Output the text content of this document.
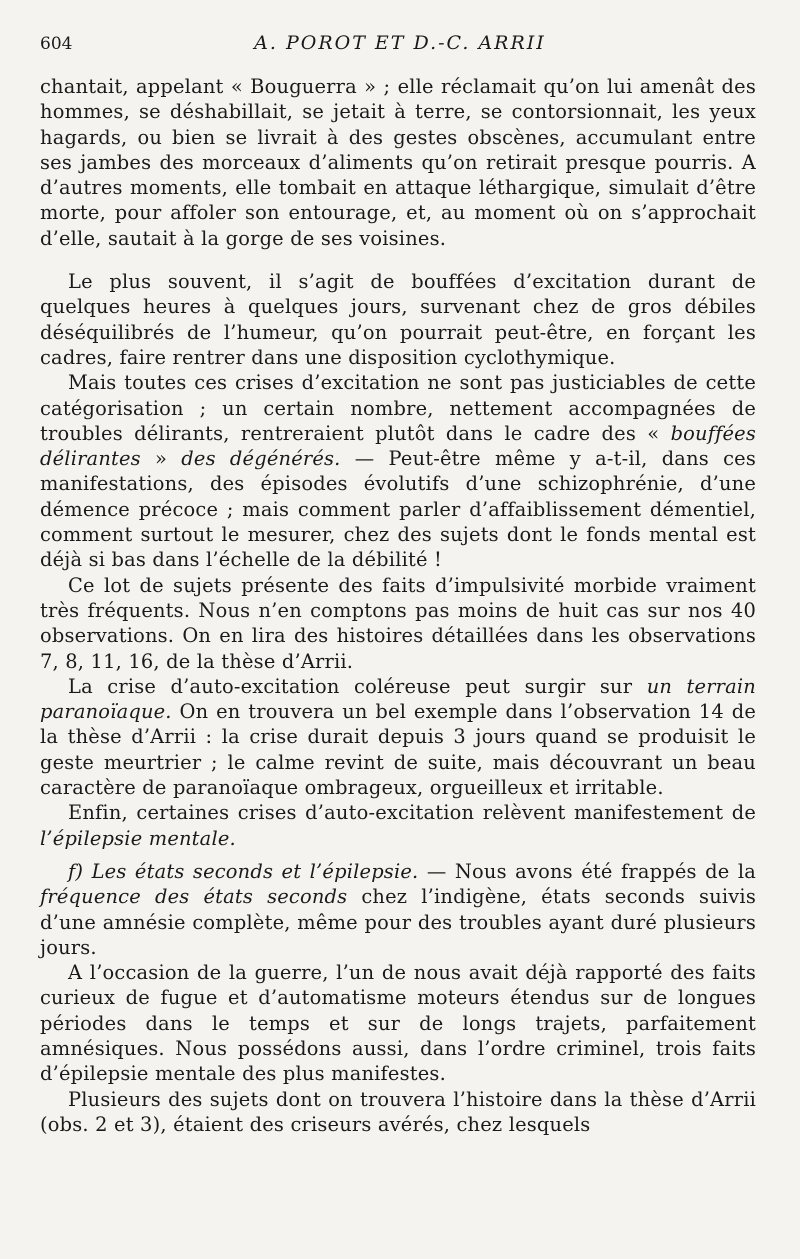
604	A. POROT ET D.-C. ARRII

chantait, appelant « Bouguerra » ; elle réclamait qu’on lui amenât des hommes, se déshabillait, se jetait à terre, se contorsionnait, les yeux hagards, ou bien se livrait à des gestes obscènes, accumulant entre ses jambes des morceaux d’aliments qu’on retirait presque pourris. A d’autres moments, elle tombait en attaque léthargique, simulait d’être morte, pour affoler son entourage, et, au moment où on s’approchait d’elle, sautait à la gorge de ses voisines.

Le plus souvent, il s’agit de bouffées d’excitation durant de quelques heures à quelques jours, survenant chez de gros débiles déséquilibrés de l’humeur, qu’on pourrait peut-être, en forçant les cadres, faire rentrer dans une disposition cyclothymique.

Mais toutes ces crises d’excitation ne sont pas justiciables de cette catégorisation ; un certain nombre, nettement accompagnées de troubles délirants, rentreraient plutôt dans le cadre des « bouffées délirantes » des dégénérés. — Peut-être même y a-t-il, dans ces manifestations, des épisodes évolutifs d’une schizophrénie, d’une démence précoce ; mais comment parler d’affaiblissement démentiel, comment surtout le mesurer, chez des sujets dont le fonds mental est déjà si bas dans l’échelle de la débilité !

Ce lot de sujets présente des faits d’impulsivité morbide vraiment très fréquents. Nous n’en comptons pas moins de huit cas sur nos 40 observations. On en lira des histoires détaillées dans les observations 7, 8, 11, 16, de la thèse d’Arrii.

La crise d’auto-excitation coléreuse peut surgir sur un terrain paranoïaque. On en trouvera un bel exemple dans l’observation 14 de la thèse d’Arrii : la crise durait depuis 3 jours quand se produisit le geste meurtrier ; le calme revint de suite, mais découvrant un beau caractère de paranoïaque ombrageux, orgueilleux et irritable.

Enfin, certaines crises d’auto-excitation relèvent manifestement de l’épilepsie mentale.

f) Les états seconds et l’épilepsie. — Nous avons été frappés de la fréquence des états seconds chez l’indigène, états seconds suivis d’une amnésie complète, même pour des troubles ayant duré plusieurs jours.

A l’occasion de la guerre, l’un de nous avait déjà rapporté des faits curieux de fugue et d’automatisme moteurs étendus sur de longues périodes dans le temps et sur de longs trajets, parfaitement amnésiques. Nous possédons aussi, dans l’ordre criminel, trois faits d’épilepsie mentale des plus manifestes.

Plusieurs des sujets dont on trouvera l’histoire dans la thèse d’Arrii (obs. 2 et 3), étaient des criseurs avérés, chez lesquels
